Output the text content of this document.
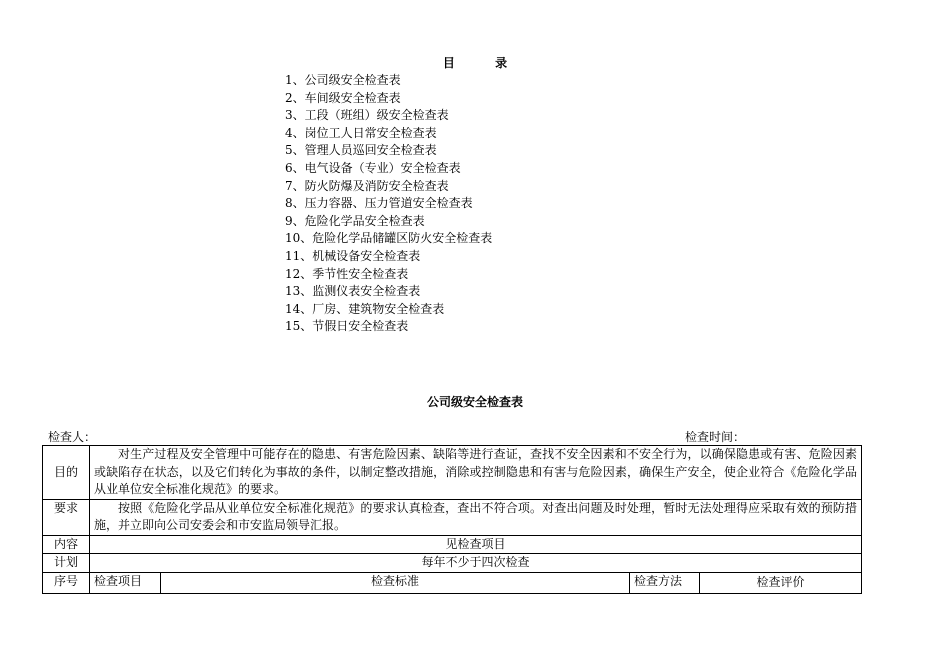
目 录
1、公司级安全检查表
2、车间级安全检查表
3、工段（班组）级安全检查表
4、岗位工人日常安全检查表
5、管理人员巡回安全检查表
6、电气设备（专业）安全检查表
7、防火防爆及消防安全检查表
8、压力容器、压力管道安全检查表
9、危险化学品安全检查表
10、危险化学品储罐区防火安全检查表
11、机械设备安全检查表
12、季节性安全检查表
13、监测仪表安全检查表
14、厂房、建筑物安全检查表
15、节假日安全检查表
公司级安全检查表
检查人：	检查时间：
目的	对生产过程及安全管理中可能存在的隐患、有害危险因素、缺陷等进行查证，查找不安全因素和不安全行为，以确保隐患或有害、危险因素或缺陷存在状态，以及它们转化为事故的条件，以制定整改措施，消除或控制隐患和有害与危险因素，确保生产安全，使企业符合《危险化学品从业单位安全标准化规范》的要求。			
要求	按照《危险化学品从业单位安全标准化规范》的要求认真检查，查出不符合项。对查出问题及时处理，暂时无法处理得应采取有效的预防措施，并立即向公司安委会和市安监局领导汇报。			
内容	见检查项目			
计划	每年不少于四次检查			
序号	检查项目	检查标准	检查方法	检查评价
